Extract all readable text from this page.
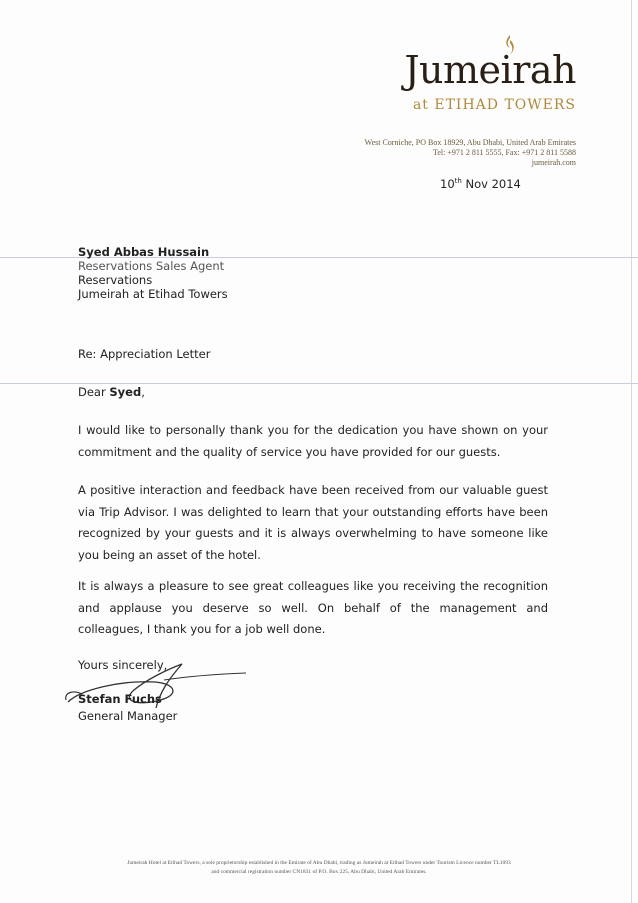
Jumeirah
at ETIHAD TOWERS
West Corniche, PO Box 18929, Abu Dhabi, United Arab Emirates
Tel: +971 2 811 5555, Fax: +971 2 811 5588
jumeirah.com
10th Nov 2014
Syed Abbas Hussain
Reservations Sales Agent
Reservations
Jumeirah at Etihad Towers
Re: Appreciation Letter
Dear Syed,
I would like to personally thank you for the dedication you have shown on your commitment and the quality of service you have provided for our guests.
A positive interaction and feedback have been received from our valuable guest via Trip Advisor. I was delighted to learn that your outstanding efforts have been recognized by your guests and it is always overwhelming to have someone like you being an asset of the hotel.
It is always a pleasure to see great colleagues like you receiving the recognition and applause you deserve so well. On behalf of the management and colleagues, I thank you for a job well done.
Yours sincerely,
Stefan Fuchs
General Manager
Jumeirah Hotel at Etihad Towers, a sole proprietorship established in the Emirate of Abu Dhabi, trading as Jumeirah at Etihad Towers under Tourism Licence number TL1093
and commercial registration number CN1831 of P.O. Box 225, Abu Dhabi, United Arab Emirates.
